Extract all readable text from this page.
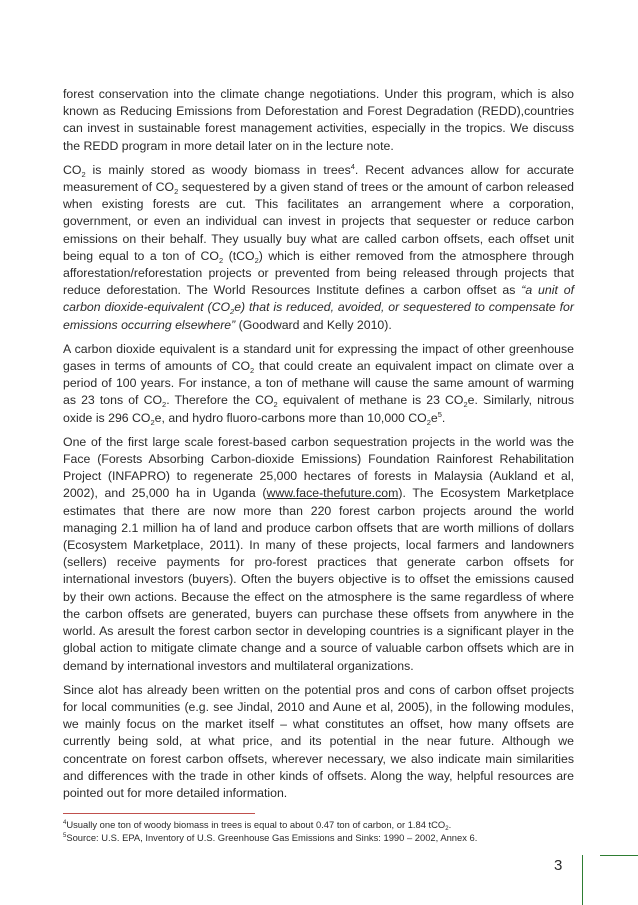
forest conservation into the climate change negotiations. Under this program, which is also known as Reducing Emissions from Deforestation and Forest Degradation (REDD),countries can invest in sustainable forest management activities, especially in the tropics. We discuss the REDD program in more detail later on in the lecture note.

$CO_2$ is mainly stored as woody biomass in trees$^4$. Recent advances allow for accurate measurement of $CO_2$ sequestered by a given stand of trees or the amount of carbon released when existing forests are cut. This facilitates an arrangement where a corporation, government, or even an individual can invest in projects that sequester or reduce carbon emissions on their behalf. They usually buy what are called carbon offsets, each offset unit being equal to a ton of $CO_2$ (tCO$_2$) which is either removed from the atmosphere through afforestation/reforestation projects or prevented from being released through projects that reduce deforestation. The World Resources Institute defines a carbon offset as “a unit of carbon dioxide-equivalent $(CO_2e)$ that is reduced, avoided, or sequestered to compensate for emissions occurring elsewhere” (Goodward and Kelly 2010).

A carbon dioxide equivalent is a standard unit for expressing the impact of other greenhouse gases in terms of amounts of $CO_2$ that could create an equivalent impact on climate over a period of 100 years. For instance, a ton of methane will cause the same amount of warming as 23 tons of $CO_2$. Therefore the $CO_2$ equivalent of methane is 23 $CO_2e$. Similarly, nitrous oxide is 296 $CO_2e$, and hydro fluoro-carbons more than 10,000 $CO_2e^5$.

One of the first large scale forest-based carbon sequestration projects in the world was the Face (Forests Absorbing Carbon-dioxide Emissions) Foundation Rainforest Rehabilitation Project (INFAPRO) to regenerate 25,000 hectares of forests in Malaysia (Aukland et al, 2002), and 25,000 ha in Uganda (www.face-thefuture.com). The Ecosystem Marketplace estimates that there are now more than 220 forest carbon projects around the world managing 2.1 million ha of land and produce carbon offsets that are worth millions of dollars (Ecosystem Marketplace, 2011). In many of these projects, local farmers and landowners (sellers) receive payments for pro-forest practices that generate carbon offsets for international investors (buyers). Often the buyers objective is to offset the emissions caused by their own actions. Because the effect on the atmosphere is the same regardless of where the carbon offsets are generated, buyers can purchase these offsets from anywhere in the world. As aresult the forest carbon sector in developing countries is a significant player in the global action to mitigate climate change and a source of valuable carbon offsets which are in demand by international investors and multilateral organizations.

Since alot has already been written on the potential pros and cons of carbon offset projects for local communities (e.g. see Jindal, 2010 and Aune et al, 2005), in the following modules, we mainly focus on the market itself – what constitutes an offset, how many offsets are currently being sold, at what price, and its potential in the near future. Although we concentrate on forest carbon offsets, wherever necessary, we also indicate main similarities and differences with the trade in other kinds of offsets. Along the way, helpful resources are pointed out for more detailed information.

$^4$Usually one ton of woody biomass in trees is equal to about 0.47 ton of carbon, or 1.84 tCO$_2$.
$^5$Source: U.S. EPA, Inventory of U.S. Greenhouse Gas Emissions and Sinks: 1990 – 2002, Annex 6.
3
